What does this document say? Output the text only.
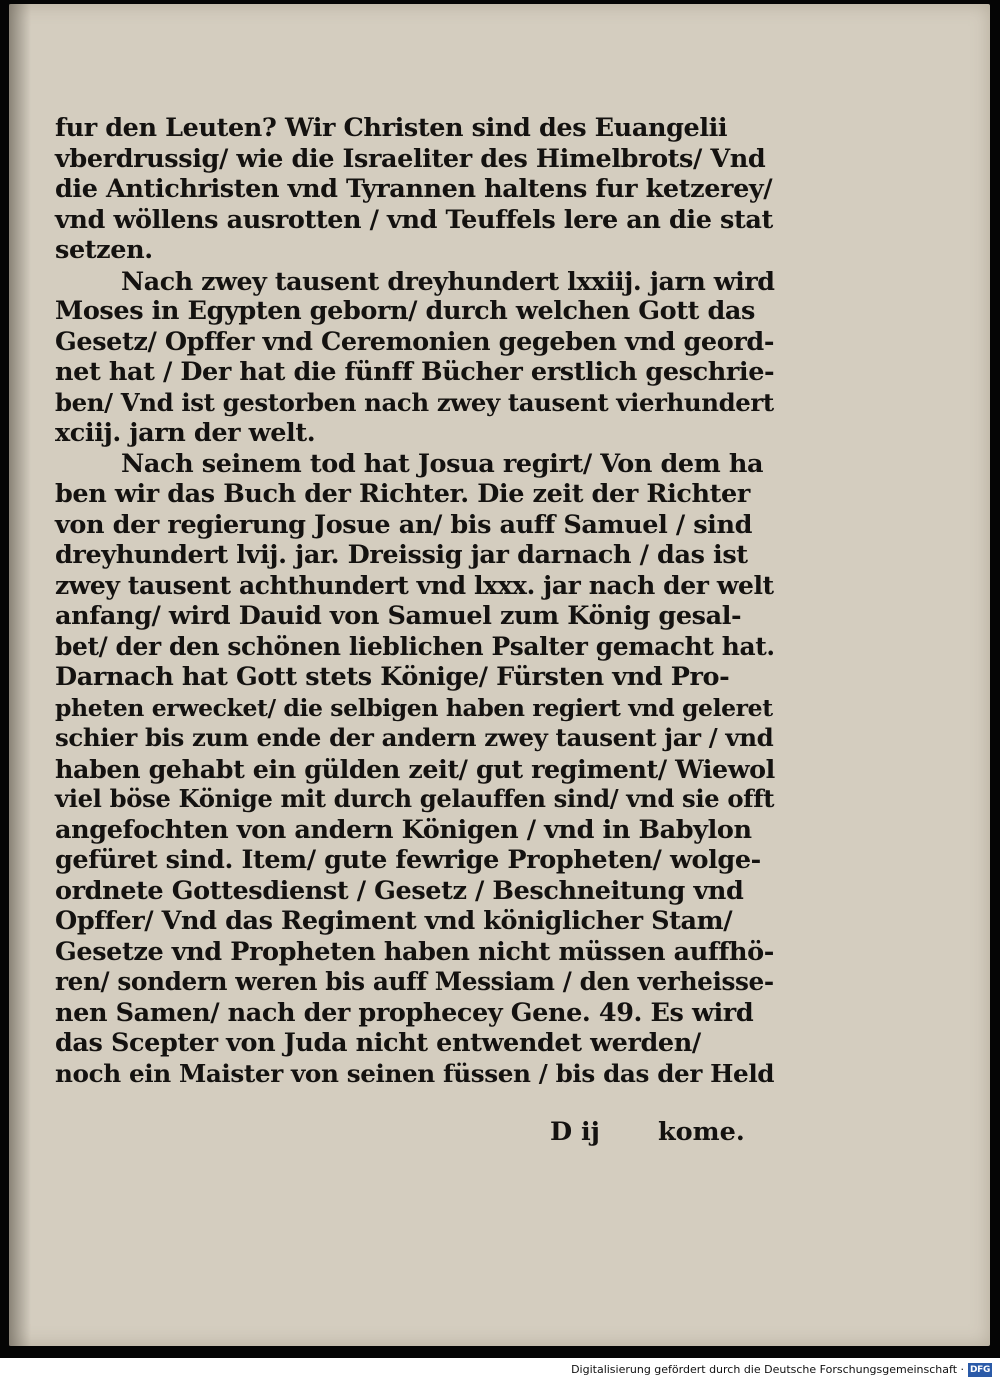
fur den Leuten? Wir Christen sind des Euangelii
vberdrussig/ wie die Israeliter des Himelbrots/ Vnd
die Antichristen vnd Tyrannen haltens fur ketzerey/
vnd wöllens ausrotten / vnd Teuffels lere an die stat
setzen.
Nach zwey tausent dreyhundert lxxiij. jarn wird
Moses in Egypten geborn/ durch welchen Gott das
Gesetz/ Opffer vnd Ceremonien gegeben vnd geord-
net hat / Der hat die fünff Bücher erstlich geschrie-
ben/ Vnd ist gestorben nach zwey tausent vierhundert
xciij. jarn der welt.
Nach seinem tod hat Josua regirt/ Von dem ha
ben wir das Buch der Richter. Die zeit der Richter
von der regierung Josue an/ bis auff Samuel / sind
dreyhundert lvij. jar. Dreissig jar darnach / das ist
zwey tausent achthundert vnd lxxx. jar nach der welt
anfang/ wird Dauid von Samuel zum König gesal-
bet/ der den schönen lieblichen Psalter gemacht hat.
Darnach hat Gott stets Könige/ Fürsten vnd Pro-
pheten erwecket/ die selbigen haben regiert vnd geleret
schier bis zum ende der andern zwey tausent jar / vnd
haben gehabt ein gülden zeit/ gut regiment/ Wiewol
viel böse Könige mit durch gelauffen sind/ vnd sie offt
angefochten von andern Königen / vnd in Babylon
gefüret sind. Item/ gute fewrige Propheten/ wolge-
ordnete Gottesdienst / Gesetz / Beschneitung vnd
Opffer/ Vnd das Regiment vnd königlicher Stam/
Gesetze vnd Propheten haben nicht müssen auffhö-
ren/ sondern weren bis auff Messiam / den verheisse-
nen Samen/ nach der prophecey Gene. 49. Es wird
das Scepter von Juda nicht entwendet werden/
noch ein Maister von seinen füssen / bis das der Held
D ij kome.
Digitalisierung gefördert durch die Deutsche Forschungsgemeinschaft · DFG
